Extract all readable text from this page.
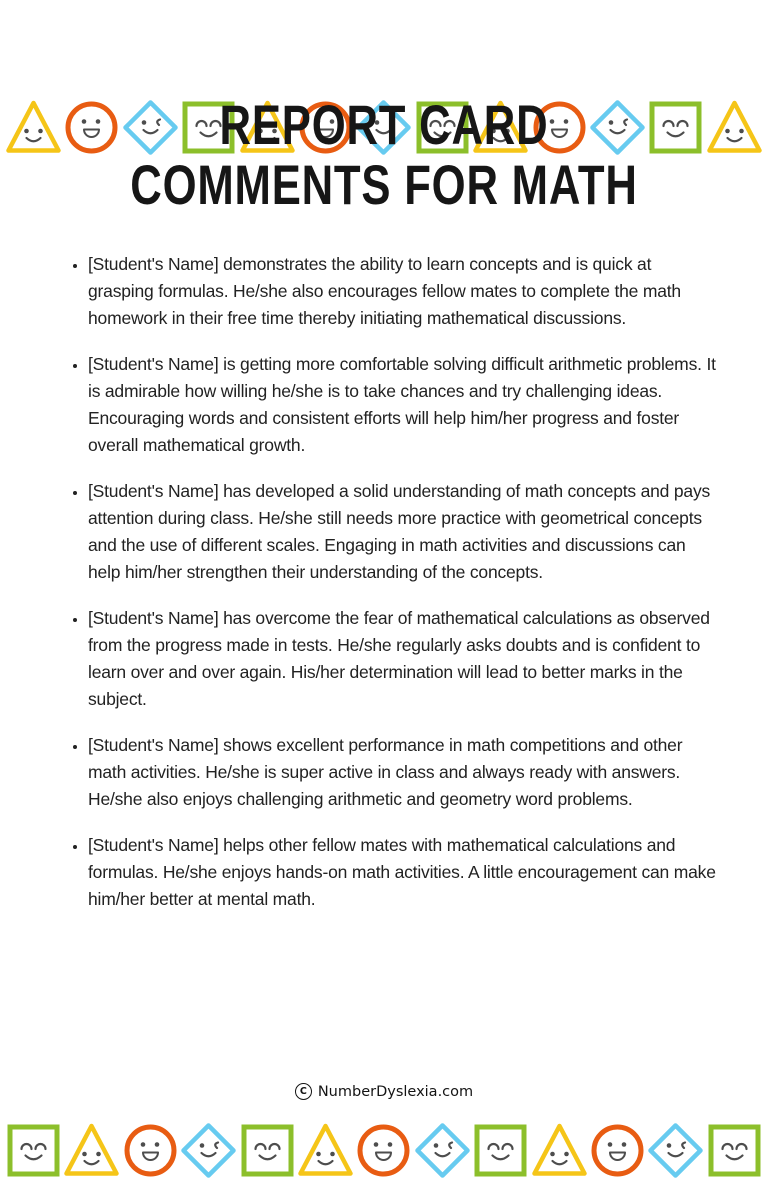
REPORT CARD
COMMENTS FOR MATH
• [Student's Name] demonstrates the ability to learn concepts and is quick at grasping formulas. He/she also encourages fellow mates to complete the math homework in their free time thereby initiating mathematical discussions.
• [Student's Name] is getting more comfortable solving difficult arithmetic problems. It is admirable how willing he/she is to take chances and try challenging ideas. Encouraging words and consistent efforts will help him/her progress and foster overall mathematical growth.
• [Student's Name] has developed a solid understanding of math concepts and pays attention during class. He/she still needs more practice with geometrical concepts and the use of different scales. Engaging in math activities and discussions can help him/her strengthen their understanding of the concepts.
• [Student's Name] has overcome the fear of mathematical calculations as observed from the progress made in tests. He/she regularly asks doubts and is confident to learn over and over again. His/her determination will lead to better marks in the subject.
• [Student's Name] shows excellent performance in math competitions and other math activities. He/she is super active in class and always ready with answers. He/she also enjoys challenging arithmetic and geometry word problems.
• [Student's Name] helps other fellow mates with mathematical calculations and formulas. He/she enjoys hands-on math activities. A little encouragement can make him/her better at mental math.
C NumberDyslexia.com
